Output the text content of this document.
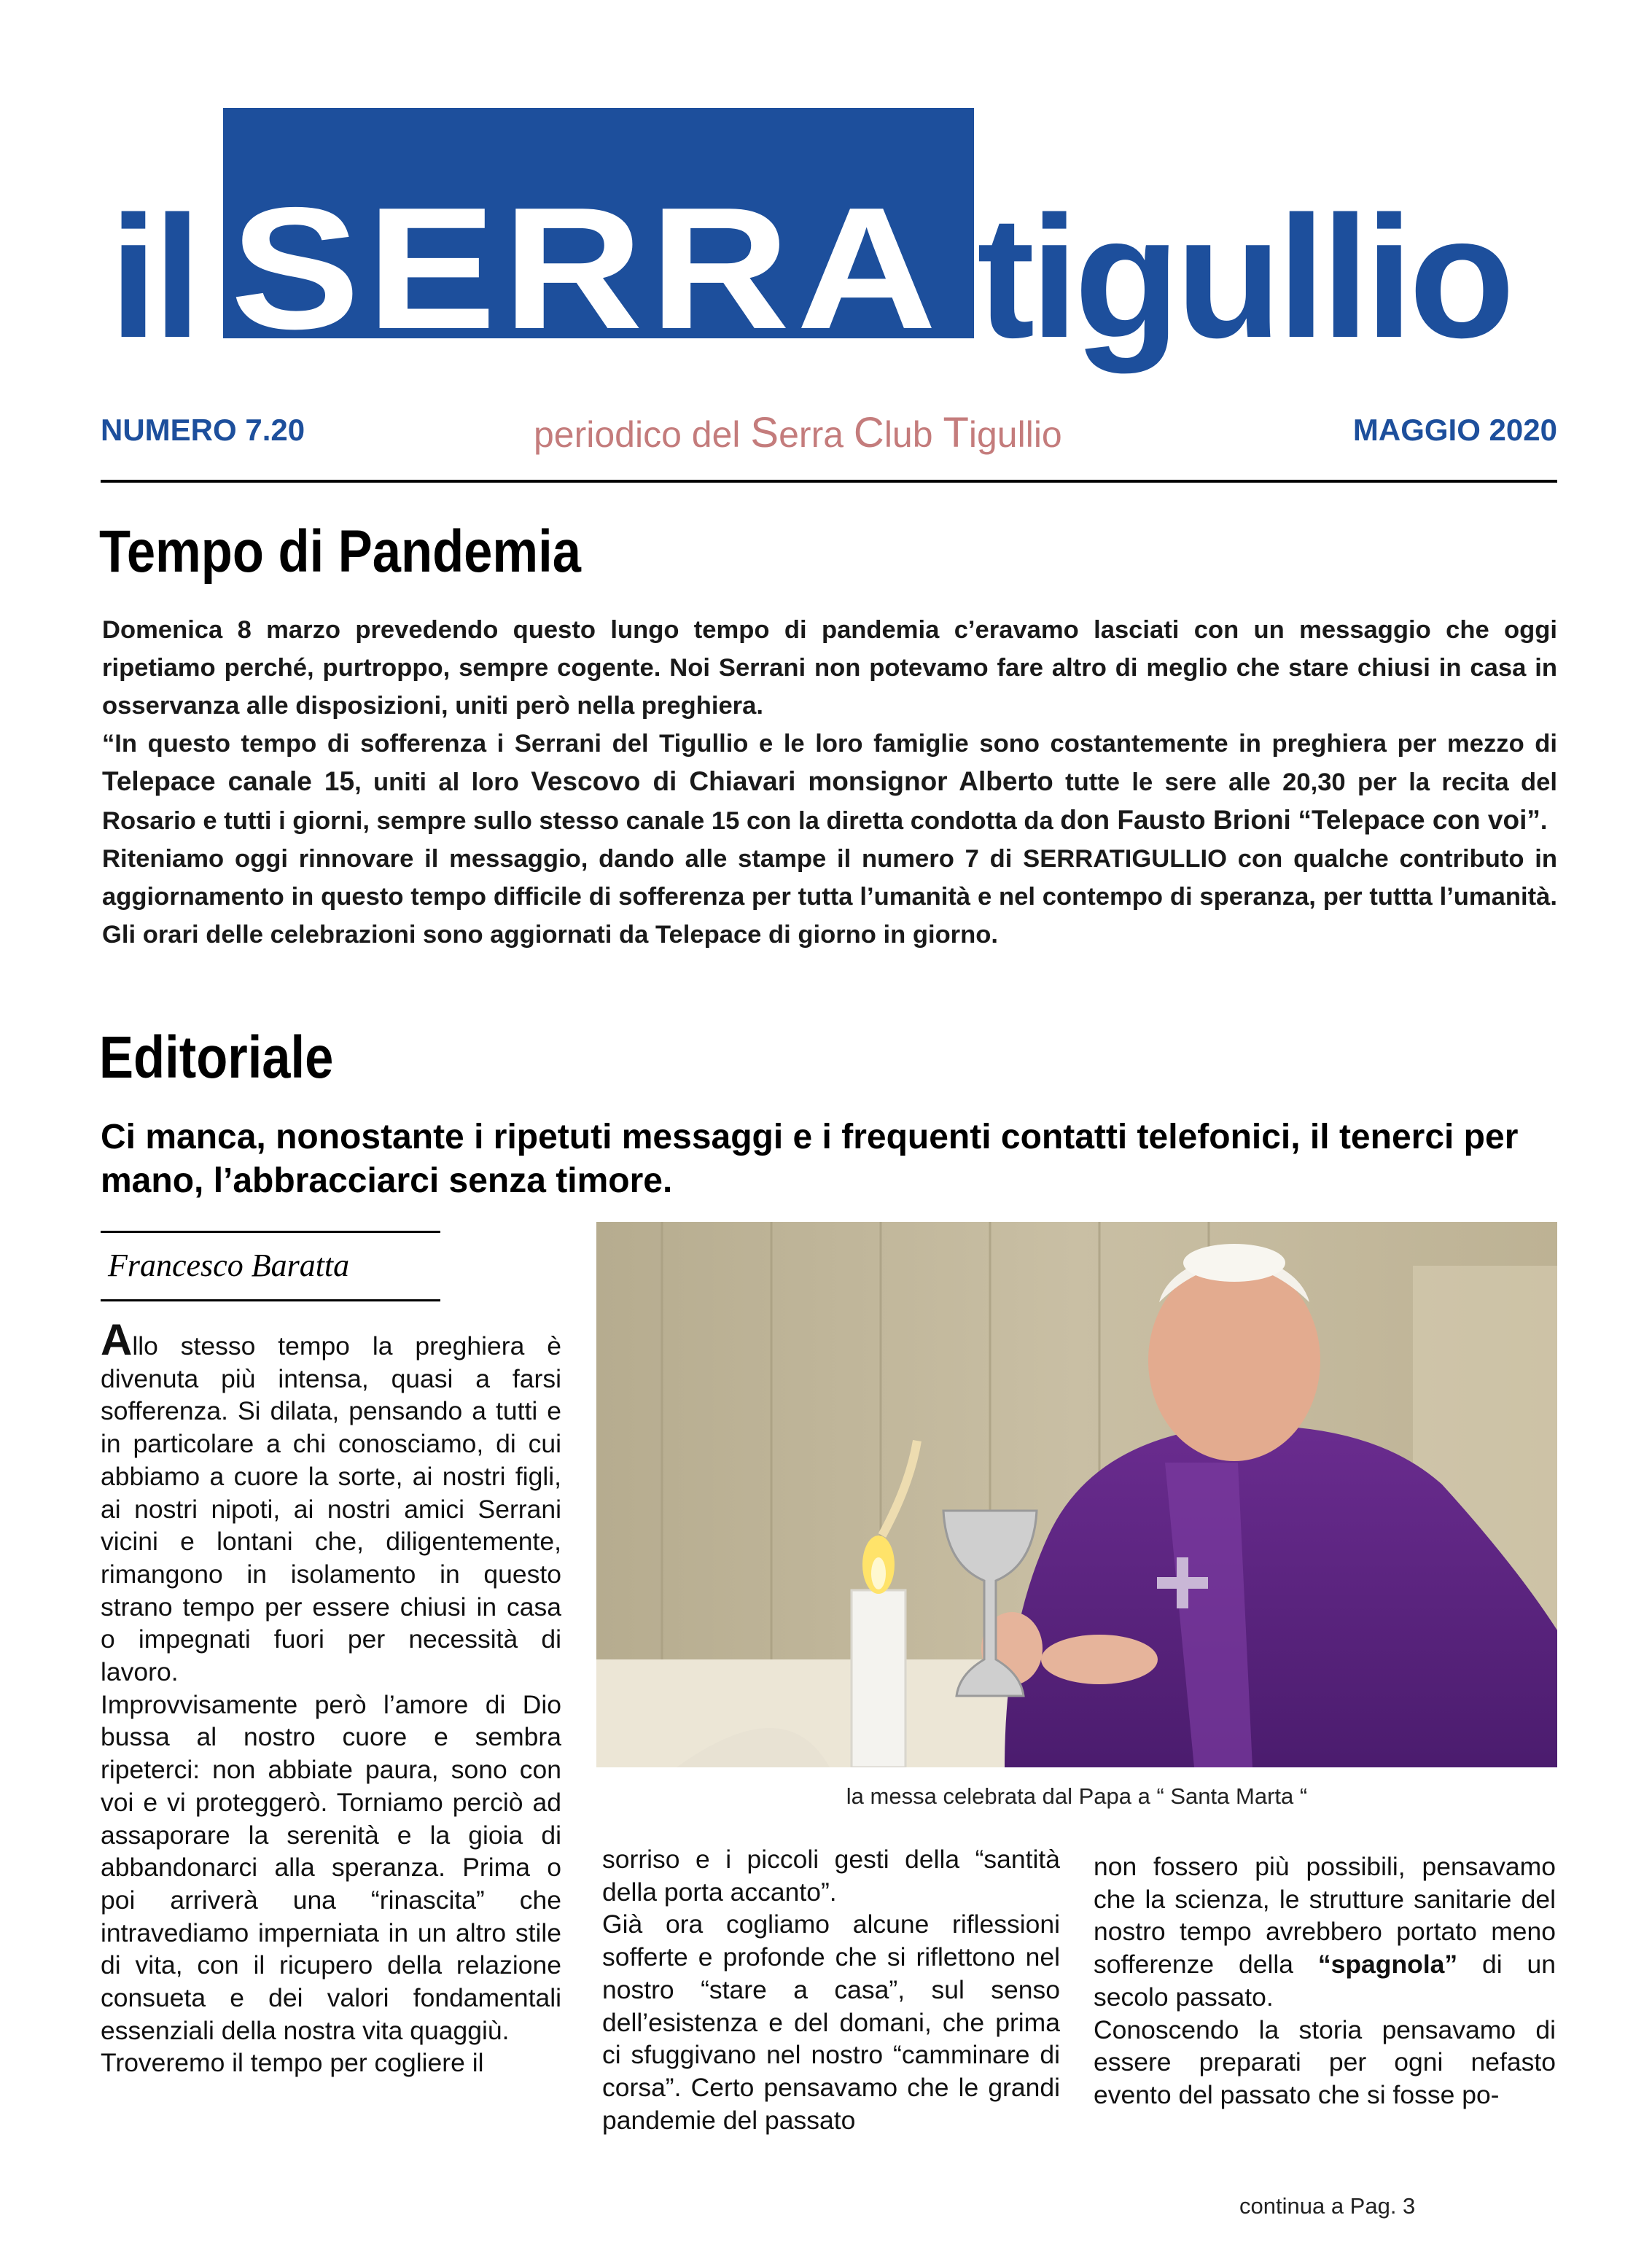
il SERRA tigullio
NUMERO 7.20	periodico del Serra Club Tigullio	MAGGIO 2020
Tempo di Pandemia

Domenica 8 marzo prevedendo questo lungo tempo di pandemia c’eravamo lasciati con un messaggio che oggi ripetiamo perché, purtroppo, sempre cogente. Noi Serrani non potevamo fare altro di meglio che stare chiusi in casa in osservanza alle disposizioni, uniti però nella preghiera.

“In questo tempo di sofferenza i Serrani del Tigullio e le loro famiglie sono costantemente in preghiera per mezzo di Telepace canale 15, uniti al loro Vescovo di Chiavari monsignor Alberto tutte le sere alle 20,30 per la recita del Rosario e tutti i giorni, sempre sullo stesso canale 15 con la diretta condotta da don Fausto Brioni “Telepace con voi”.

Riteniamo oggi rinnovare il messaggio, dando alle stampe il numero 7 di SERRATIGULLIO con qualche contributo in aggiornamento in questo tempo difficile di sofferenza per tutta l’umanità e nel contempo di speranza, per tuttta l’umanità. Gli orari delle celebrazioni sono aggiornati da Telepace di giorno in giorno.

Editoriale
Ci manca, nonostante i ripetuti messaggi e i frequenti contatti telefonici, il tenerci per mano, l’abbracciarci senza timore.
Francesco Baratta

Allo stesso tempo la preghiera è divenuta più intensa, quasi a farsi sofferenza. Si dilata, pensando a tutti e in particolare a chi conosciamo, di cui abbiamo a cuore la sorte, ai nostri figli, ai nostri nipoti, ai nostri amici Serrani vicini e lontani che, diligentemente, rimangono in isolamento in questo strano tempo per essere chiusi in casa o impegnati fuori per necessità di lavoro.

Improvvisamente però l’amore di Dio bussa al nostro cuore e sembra ripeterci: non abbiate paura, sono con voi e vi proteggerò. Torniamo perciò ad assaporare la serenità e la gioia di abbandonarci alla speranza. Prima o poi arriverà una “rinascita” che intravediamo imperniata in un altro stile di vita, con il ricupero della relazione consueta e dei valori fondamentali essenziali della nostra vita quaggiù.

Troveremo il tempo per cogliere il

la messa celebrata dal Papa a “ Santa Marta “

sorriso e i piccoli gesti della “santità della porta accanto”.

Già ora cogliamo alcune riflessioni sofferte e profonde che si riflettono nel nostro “stare a casa”, sul senso dell’esistenza e del domani, che prima ci sfuggivano nel nostro “camminare di corsa”. Certo pensavamo che le grandi pandemie del passato

non fossero più possibili, pensavamo che la scienza, le strutture sanitarie del nostro tempo avrebbero portato meno sofferenze della “spagnola” di un secolo passato.

Conoscendo la storia pensavamo di essere preparati per ogni nefasto evento del passato che si fosse po-

continua a Pag. 3
